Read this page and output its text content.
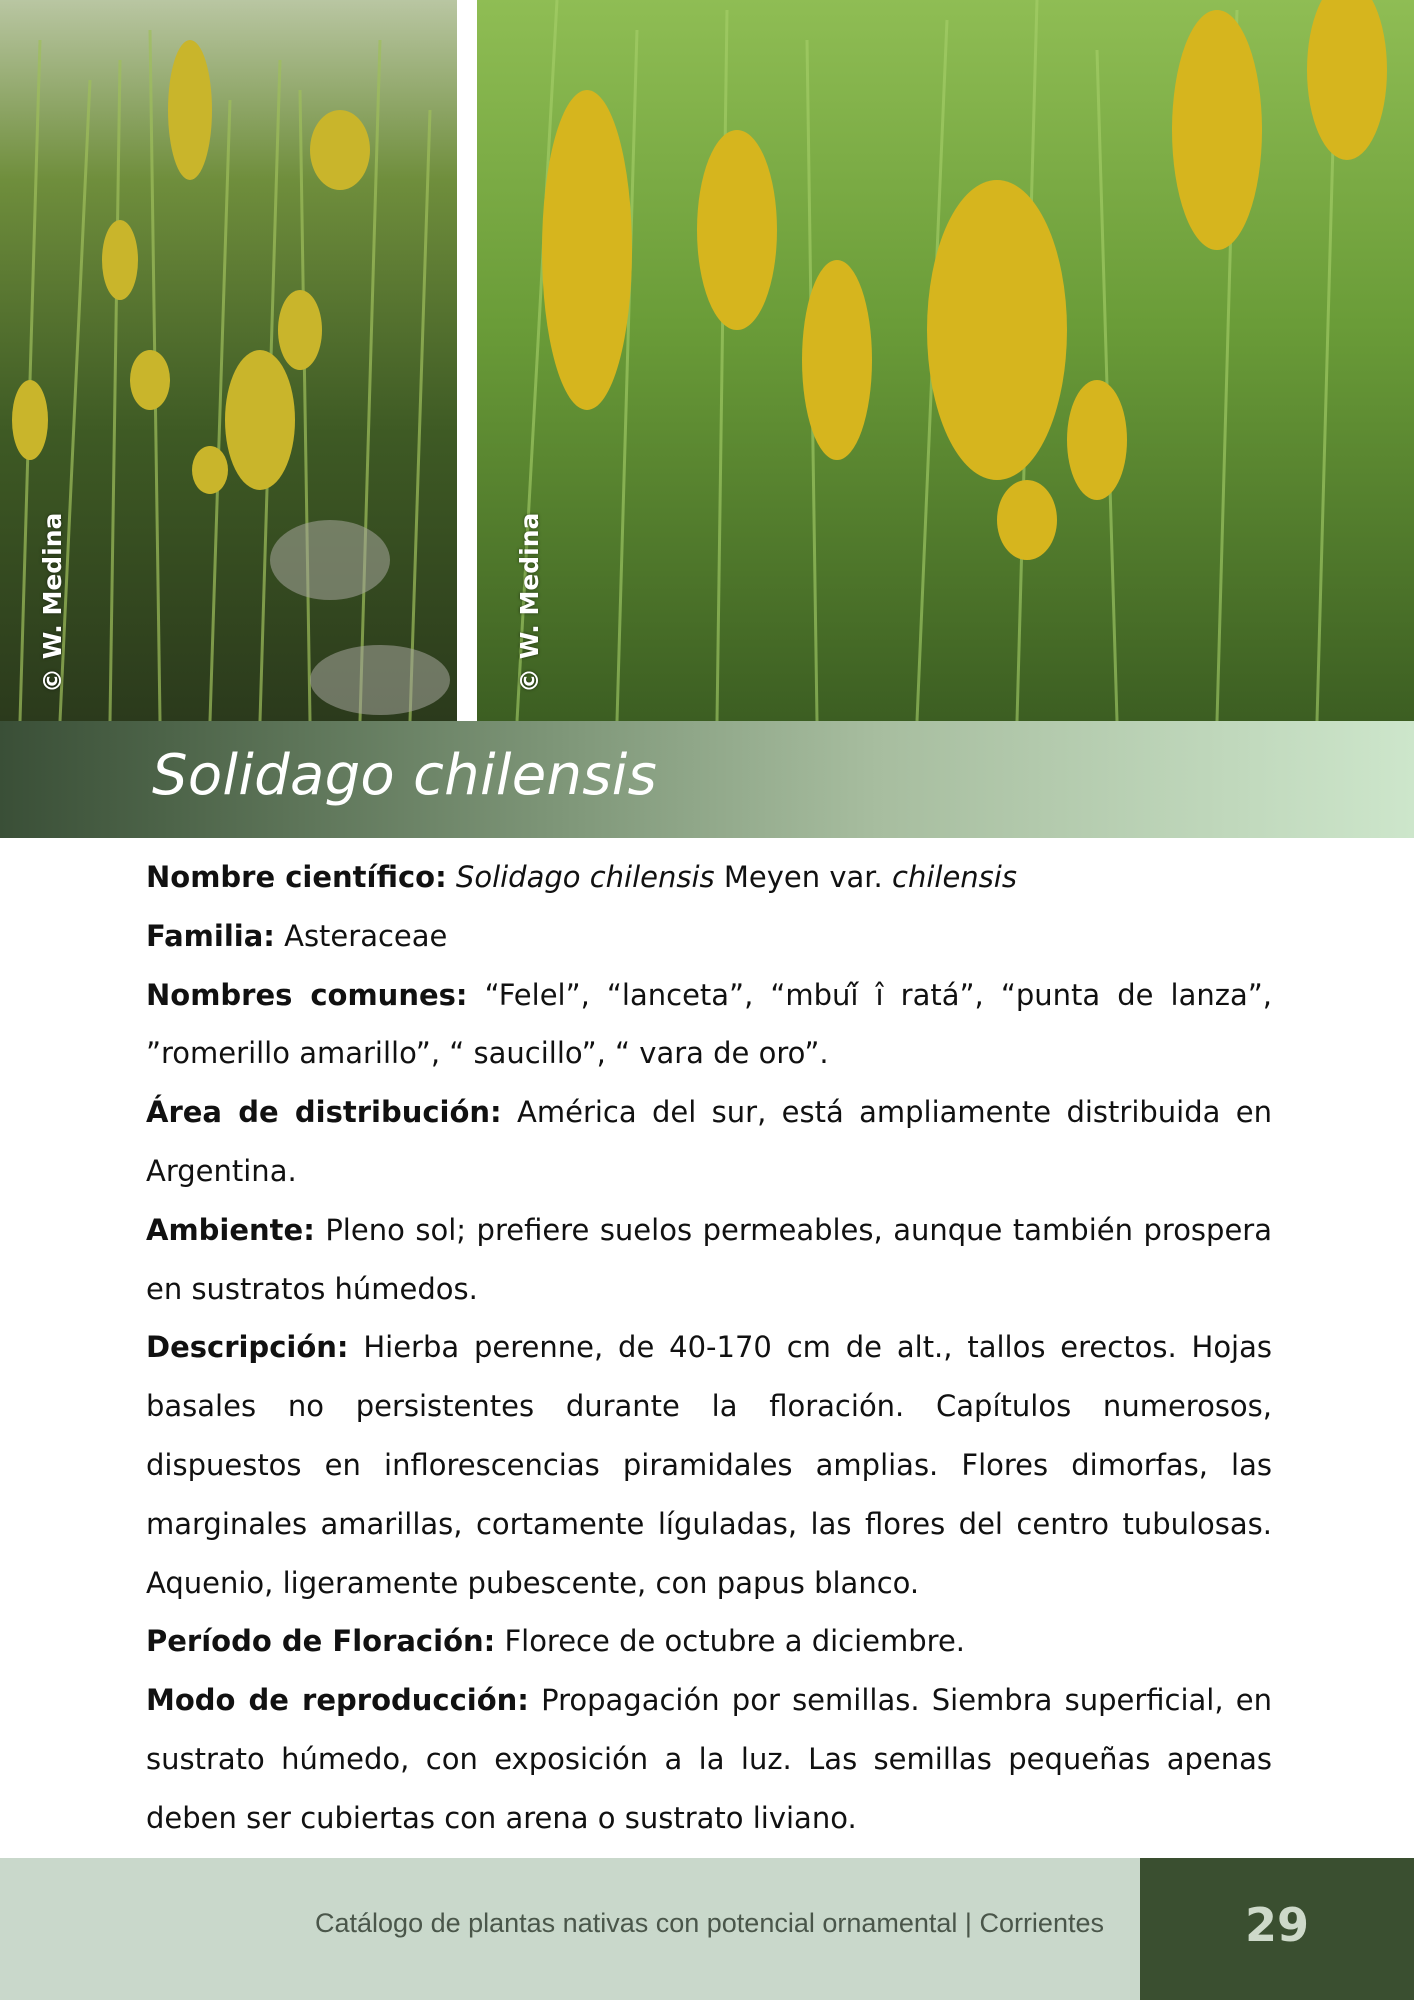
© W. Medina	© W. Medina
Solidago chilensis

Nombre científico: Solidago chilensis Meyen var. chilensis

Familia: Asteraceae

Nombres comunes: “Felel”, “lanceta”, “mbuí̂ î ratá”, “punta de lanza”, ”romerillo amarillo”, “ saucillo”, “ vara de oro”.

Área de distribución: América del sur, está ampliamente distribuida en Argentina.

Ambiente: Pleno sol; prefiere suelos permeables, aunque también prospera en sustratos húmedos.

Descripción: Hierba perenne, de 40-170 cm de alt., tallos erectos. Hojas basales no persistentes durante la floración. Capítulos numerosos, dispuestos en inflorescencias piramidales amplias. Flores dimorfas, las marginales amarillas, cortamente líguladas, las flores del centro tubulosas. Aquenio, ligeramente pubescente, con papus blanco.

Período de Floración: Florece de octubre a diciembre.

Modo de reproducción: Propagación por semillas. Siembra superficial, en sustrato húmedo, con exposición a la luz. Las semillas pequeñas apenas deben ser cubiertas con arena o sustrato liviano.

Catálogo de plantas nativas con potencial ornamental | Corrientes	29
